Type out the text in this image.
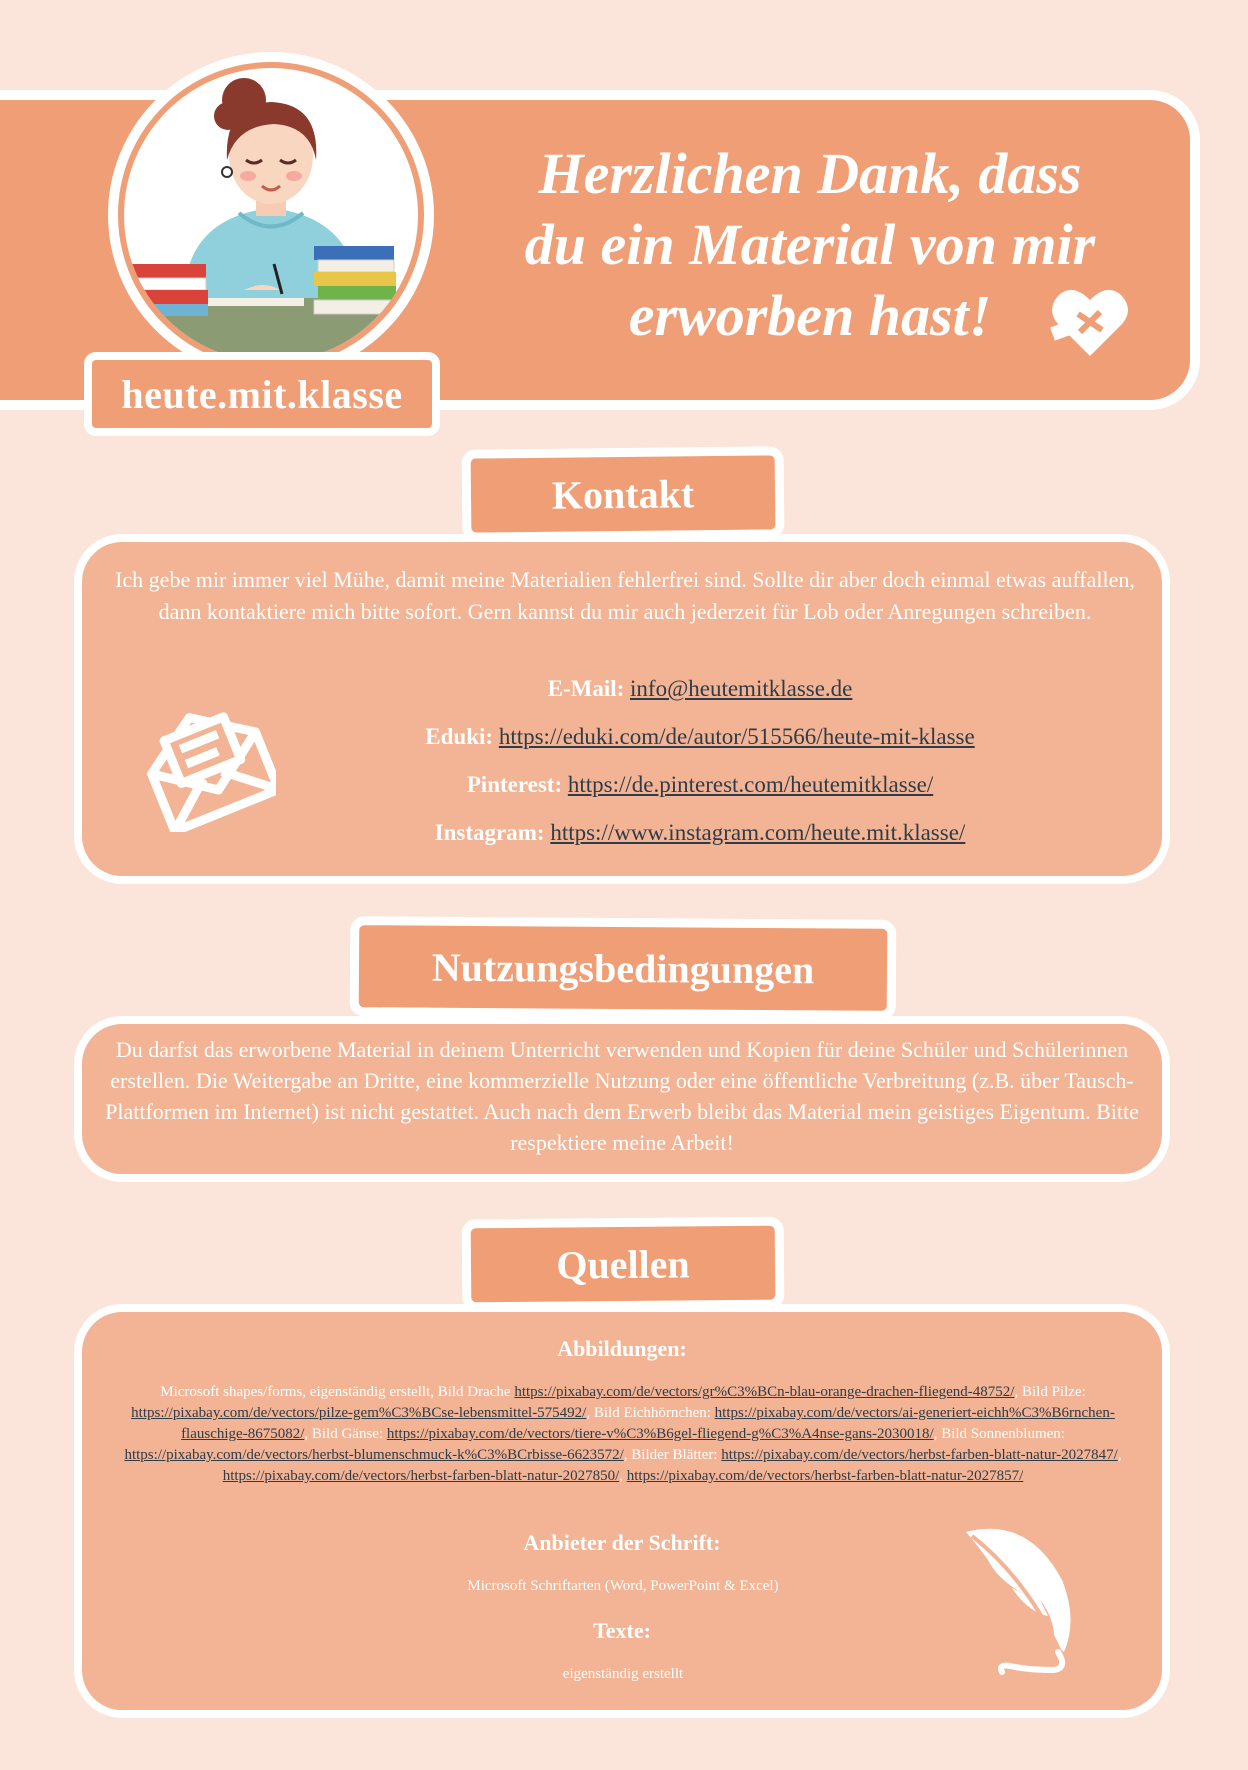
heute.mit.klasse
Herzlichen Dank, dass
du ein Material von mir
erworben hast!
Kontakt
Ich gebe mir immer viel Mühe, damit meine Materialien fehlerfrei sind. Sollte dir aber doch einmal etwas auffallen, dann kontaktiere mich bitte sofort. Gern kannst du mir auch jederzeit für Lob oder Anregungen schreiben.
E-Mail: info@heutemitklasse.de
Eduki: https://eduki.com/de/autor/515566/heute-mit-klasse
Pinterest: https://de.pinterest.com/heutemitklasse/
Instagram: https://www.instagram.com/heute.mit.klasse/
Nutzungsbedingungen
Du darfst das erworbene Material in deinem Unterricht verwenden und Kopien für deine Schüler und Schülerinnen erstellen. Die Weitergabe an Dritte, eine kommerzielle Nutzung oder eine öffentliche Verbreitung (z.B. über Tausch-Plattformen im Internet) ist nicht gestattet. Auch nach dem Erwerb bleibt das Material mein geistiges Eigentum. Bitte respektiere meine Arbeit!
Quellen
Abbildungen:
Microsoft shapes/forms, eigenständig erstellt, Bild Drache https://pixabay.com/de/vectors/gr%C3%BCn-blau-orange-drachen-fliegend-48752/, Bild Pilze: https://pixabay.com/de/vectors/pilze-gem%C3%BCse-lebensmittel-575492/, Bild Eichhörnchen: https://pixabay.com/de/vectors/ai-generiert-eichh%C3%B6rnchen-flauschige-8675082/, Bild Gänse: https://pixabay.com/de/vectors/tiere-v%C3%B6gel-fliegend-g%C3%A4nse-gans-2030018/, Bild Sonnenblumen: https://pixabay.com/de/vectors/herbst-blumenschmuck-k%C3%BCrbisse-6623572/, Bilder Blätter: https://pixabay.com/de/vectors/herbst-farben-blatt-natur-2027847/, https://pixabay.com/de/vectors/herbst-farben-blatt-natur-2027850/, https://pixabay.com/de/vectors/herbst-farben-blatt-natur-2027857/
Anbieter der Schrift:
Microsoft Schriftarten (Word, PowerPoint & Excel)
Texte:
eigenständig erstellt
